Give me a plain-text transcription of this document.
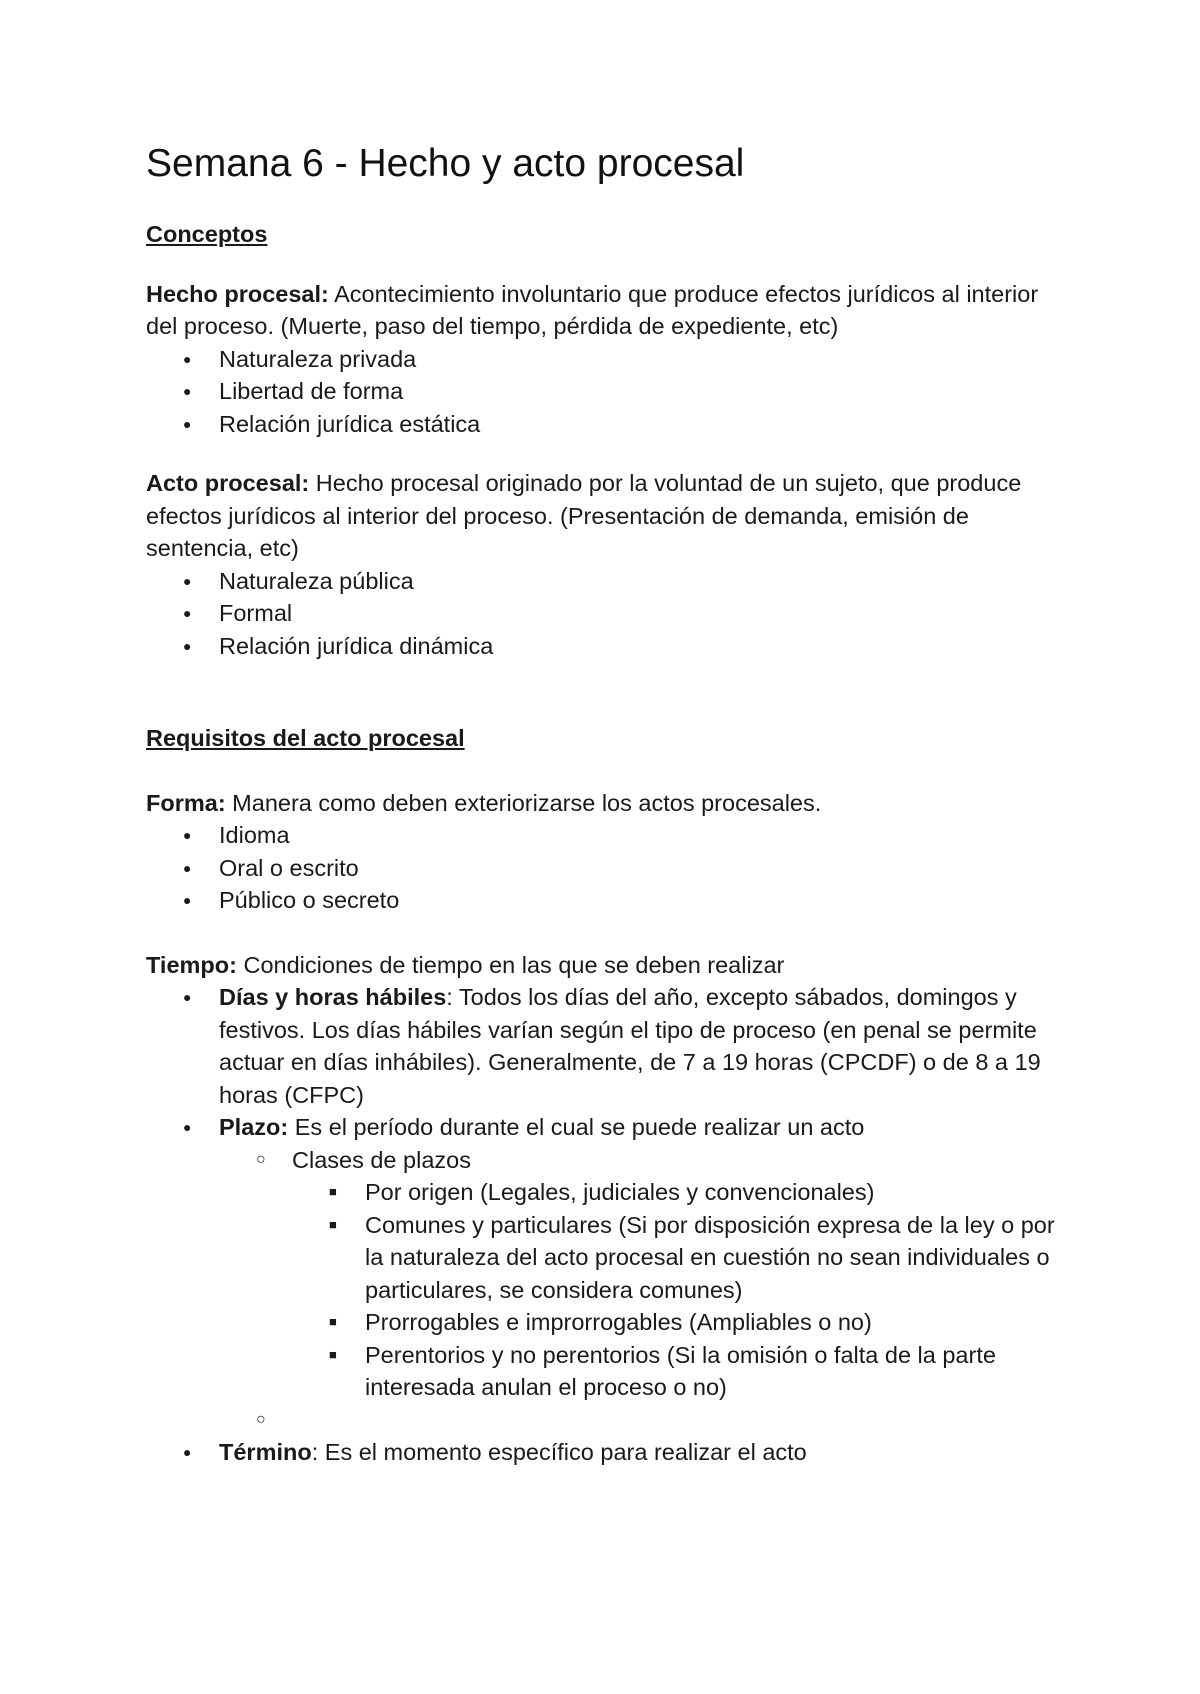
Semana 6 - Hecho y acto procesal

Conceptos

Hecho procesal: Acontecimiento involuntario que produce efectos jurídicos al interior del proceso. (Muerte, paso del tiempo, pérdida de expediente, etc)

● Naturaleza privada
● Libertad de forma
● Relación jurídica estática

Acto procesal: Hecho procesal originado por la voluntad de un sujeto, que produce efectos jurídicos al interior del proceso. (Presentación de demanda, emisión de sentencia, etc)

● Naturaleza pública
● Formal
● Relación jurídica dinámica

Requisitos del acto procesal

Forma: Manera como deben exteriorizarse los actos procesales.

● Idioma
● Oral o escrito
● Público o secreto

Tiempo: Condiciones de tiempo en las que se deben realizar

● Días y horas hábiles: Todos los días del año, excepto sábados, domingos y festivos. Los días hábiles varían según el tipo de proceso (en penal se permite actuar en días inhábiles). Generalmente, de 7 a 19 horas (CPCDF) o de 8 a 19 horas (CFPC)
● Plazo: Es el período durante el cual se puede realizar un acto
○ Clases de plazos
■ Por origen (Legales, judiciales y convencionales)
■ Comunes y particulares (Si por disposición expresa de la ley o por la naturaleza del acto procesal en cuestión no sean individuales o particulares, se considera comunes)
■ Prorrogables e improrrogables (Ampliables o no)
■ Perentorios y no perentorios (Si la omisión o falta de la parte interesada anulan el proceso o no)
○
● Término: Es el momento específico para realizar el acto
